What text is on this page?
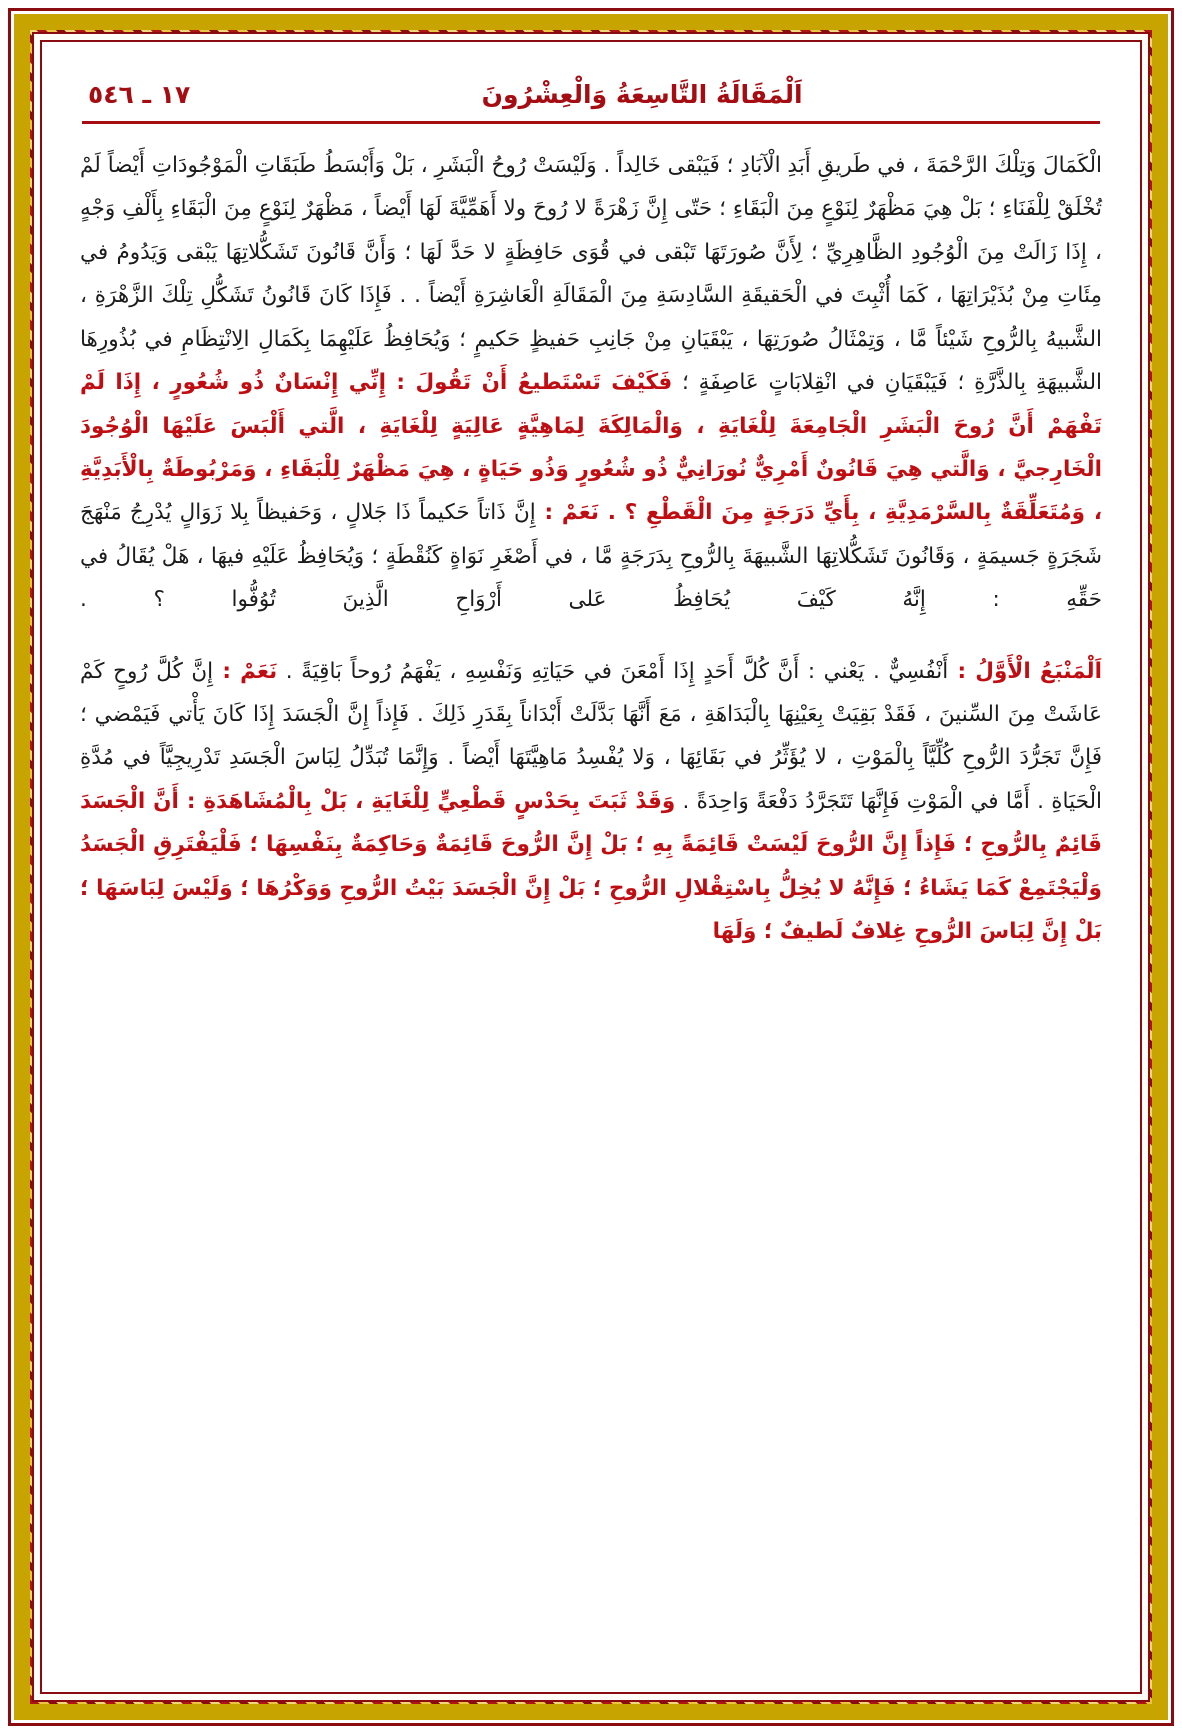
١٧ ـ ٥٤٦	اَلْمَقَالَةُ التَّاسِعَةُ وَالْعِشْرُونَ

الْكَمَالَ وَتِلْكَ الرَّحْمَةَ ، في طَريقِ أَبَدِ الْآبَادِ ؛ فَيَبْقى خَالِداً . وَلَيْسَتْ رُوحُ الْبَشَرِ ، بَلْ وَأَبْسَطُ طَبَقَاتِ الْمَوْجُودَاتِ أَيْضاً لَمْ تُخْلَقْ لِلْفَنَاءِ ؛ بَلْ هِيَ مَظْهَرٌ لِنَوْعٍ مِنَ الْبَقَاءِ ؛ حَتّى إِنَّ زَهْرَةً لا رُوحَ ولا أَهَمِّيَّةَ لَهَا أَيْضاً ، مَظْهَرٌ لِنَوْعٍ مِنَ الْبَقَاءِ بِأَلْفِ وَجْهٍ ، إِذَا زَالَتْ مِنَ الْوُجُودِ الظَّاهِرِيِّ ؛ لِأَنَّ صُورَتَهَا تَبْقى في قُوَى حَافِظَةٍ لا حَدَّ لَهَا ؛ وَأَنَّ قَانُونَ تَشَكُّلاتِهَا يَبْقى وَيَدُومُ في مِئَاتِ مِنْ بُذَيْرَاتِهَا ، كَمَا أُثْبِتَ في الْحَقيقَةِ السَّادِسَةِ مِنَ الْمَقَالَةِ الْعَاشِرَةِ أَيْضاً . . فَإِذَا كَانَ قَانُونُ تَشَكُّلِ تِلْكَ الزَّهْرَةِ ، الشَّبيهُ بِالرُّوحِ شَيْئاً مَّا ، وَتِمْثَالُ صُورَتِهَا ، يَبْقَيَانِ مِنْ جَانِبِ حَفيظٍ حَكيمٍ ؛ وَيُحَافِظُ عَلَيْهِمَا بِكَمَالِ الِانْتِظَامِ في بُذُورِهَا الشَّبيهَةِ بِالذَّرَّةِ ؛ فَيَبْقَيَانِ في انْقِلابَاتٍ عَاصِفَةٍ ؛ فَكَيْفَ تَسْتَطيعُ أَنْ تَقُولَ : إِنِّي إِنْسَانٌ ذُو شُعُورٍ ، إِذَا لَمْ تَفْهَمْ أَنَّ رُوحَ الْبَشَرِ الْجَامِعَةَ لِلْغَايَةِ ، وَالْمَالِكَةَ لِمَاهِيَّةٍ عَالِيَةٍ لِلْغَايَةِ ، الَّتي أَلْبَسَ عَلَيْهَا الْوُجُودَ الْخَارِجيَّ ، وَالَّتي هِيَ قَانُونٌ أَمْرِيٌّ نُورَانِيٌّ ذُو شُعُورٍ وَذُو حَيَاةٍ ، هِيَ مَظْهَرٌ لِلْبَقَاءِ ، وَمَرْبُوطَةٌ بِالْأَبَدِيَّةِ ، وَمُتَعَلِّقَةٌ بِالسَّرْمَدِيَّةِ ، بِأَيِّ دَرَجَةٍ مِنَ الْقَطْعِ ؟ . نَعَمْ : إِنَّ ذَاتاً حَكيماً ذَا جَلالٍ ، وَحَفيظاً بِلا زَوَالٍ يُدْرِجُ مَنْهَجَ شَجَرَةٍ جَسيمَةٍ ، وَقَانُونَ تَشَكُّلاتِهَا الشَّبيهَةَ بِالرُّوحِ بِدَرَجَةٍ مَّا ، في أَصْغَرِ نَوَاةٍ كَنُقْطَةٍ ؛ وَيُحَافِظُ عَلَيْهِ فيهَا ، هَلْ يُقَالُ في حَقِّهِ : إِنَّهُ كَيْفَ يُحَافِظُ عَلى أَرْوَاحِ الَّذِينَ تُوُفُّوا ؟ .

اَلْمَنْبَعُ الْأَوَّلُ : أَنْفُسِيٌّ . يَعْني : أَنَّ كُلَّ أَحَدٍ إِذَا أَمْعَنَ في حَيَاتِهِ وَنَفْسِهِ ، يَفْهَمُ رُوحاً بَاقِيَةً . نَعَمْ : إِنَّ كُلَّ رُوحٍ كَمْ عَاشَتْ مِنَ السِّنينَ ، فَقَدْ بَقِيَتْ بِعَيْنِهَا بِالْبَدَاهَةِ ، مَعَ أَنَّهَا بَدَّلَتْ أَبْدَاناً بِقَدَرِ ذَلِكَ . فَإِذاً إِنَّ الْجَسَدَ إِذَا كَانَ يَأْتي فَيَمْضي ؛ فَإِنَّ تَجَرُّدَ الرُّوحِ كُلِّيَّاً بِالْمَوْتِ ، لا يُؤَثِّرُ في بَقَائِهَا ، وَلا يُفْسِدُ مَاهِيَّتَهَا أَيْضاً . وَإِنَّمَا تُبَدِّلُ لِبَاسَ الْجَسَدِ تَدْرِيجِيَّاً في مُدَّةِ الْحَيَاةِ . أَمَّا في الْمَوْتِ فَإِنَّهَا تَتَجَرَّدُ دَفْعَةً وَاحِدَةً . وَقَدْ ثَبَتَ بِحَدْسٍ قَطْعِيٍّ لِلْغَايَةِ ، بَلْ بِالْمُشَاهَدَةِ : أَنَّ الْجَسَدَ قَائِمٌ بِالرُّوحِ ؛ فَإِذاً إِنَّ الرُّوحَ لَيْسَتْ قَائِمَةً بِهِ ؛ بَلْ إِنَّ الرُّوحَ قَائِمَةٌ وَحَاكِمَةٌ بِنَفْسِهَا ؛ فَلْيَفْتَرِقِ الْجَسَدُ وَلْيَجْتَمِعْ كَمَا يَشَاءُ ؛ فَإِنَّهُ لا يُخِلُّ بِاسْتِقْلالِ الرُّوحِ ؛ بَلْ إِنَّ الْجَسَدَ بَيْتُ الرُّوحِ وَوَكْرُهَا ؛ وَلَيْسَ لِبَاسَهَا ؛ بَلْ إِنَّ لِبَاسَ الرُّوحِ غِلافٌ لَطيفٌ ؛ وَلَهَا
